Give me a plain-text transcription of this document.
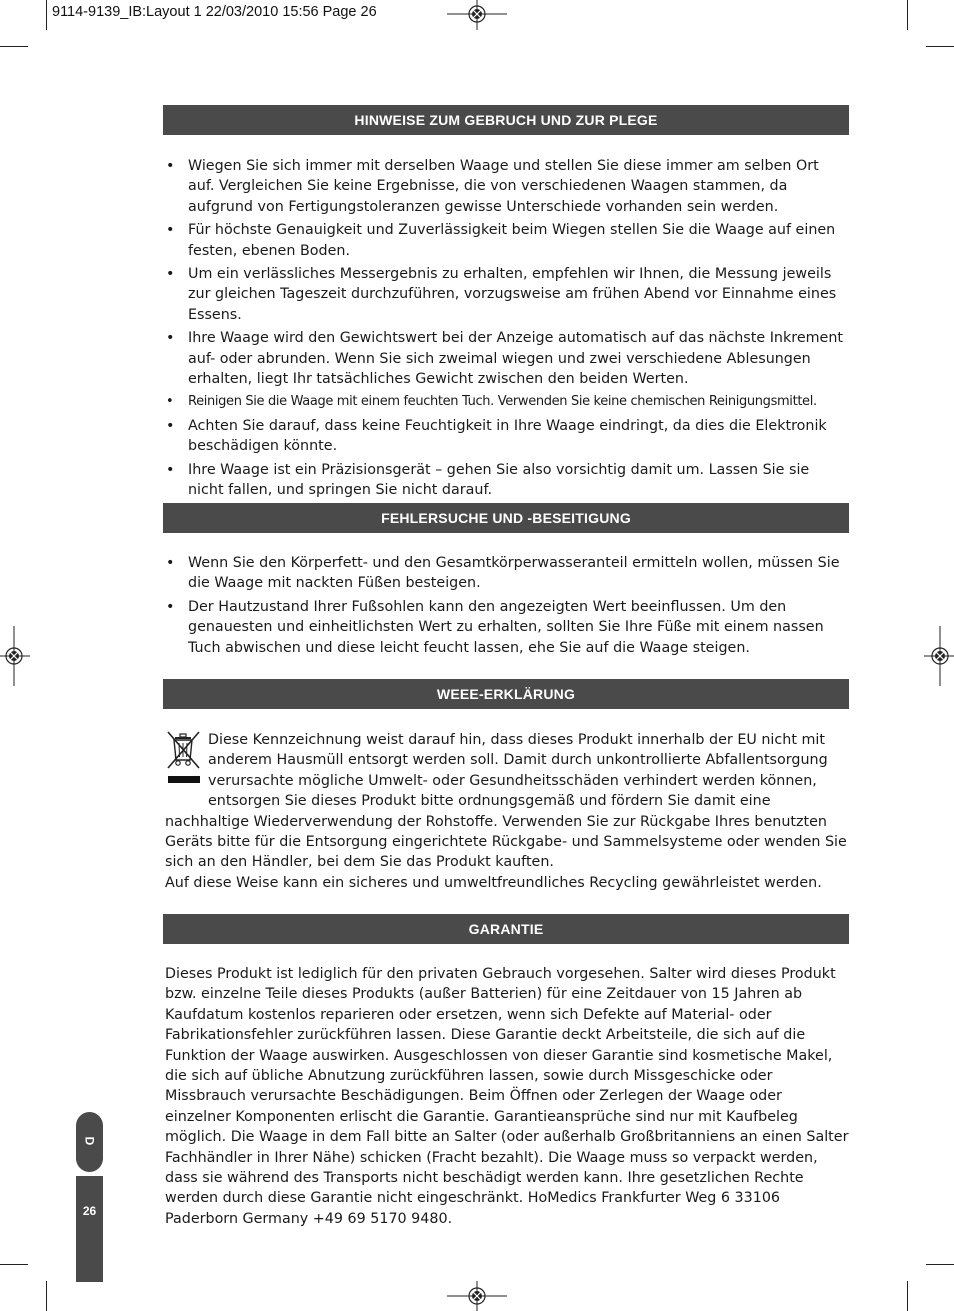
9114-9139_IB:Layout 1 22/03/2010 15:56 Page 26
HINWEISE ZUM GEBRUCH UND ZUR PLEGE
• Wiegen Sie sich immer mit derselben Waage und stellen Sie diese immer am selben Ort auf. Vergleichen Sie keine Ergebnisse, die von verschiedenen Waagen stammen, da aufgrund von Fertigungstoleranzen gewisse Unterschiede vorhanden sein werden.
• Für höchste Genauigkeit und Zuverlässigkeit beim Wiegen stellen Sie die Waage auf einen festen, ebenen Boden.
• Um ein verlässliches Messergebnis zu erhalten, empfehlen wir Ihnen, die Messung jeweils zur gleichen Tageszeit durchzuführen, vorzugsweise am frühen Abend vor Einnahme eines Essens.
• Ihre Waage wird den Gewichtswert bei der Anzeige automatisch auf das nächste Inkrement auf- oder abrunden. Wenn Sie sich zweimal wiegen und zwei verschiedene Ablesungen erhalten, liegt Ihr tatsächliches Gewicht zwischen den beiden Werten.
• Reinigen Sie die Waage mit einem feuchten Tuch. Verwenden Sie keine chemischen Reinigungsmittel.
• Achten Sie darauf, dass keine Feuchtigkeit in Ihre Waage eindringt, da dies die Elektronik beschädigen könnte.
• Ihre Waage ist ein Präzisionsgerät – gehen Sie also vorsichtig damit um. Lassen Sie sie nicht fallen, und springen Sie nicht darauf.
FEHLERSUCHE UND -BESEITIGUNG
• Wenn Sie den Körperfett- und den Gesamtkörperwasseranteil ermitteln wollen, müssen Sie die Waage mit nackten Füßen besteigen.
• Der Hautzustand Ihrer Fußsohlen kann den angezeigten Wert beeinflussen. Um den genauesten und einheitlichsten Wert zu erhalten, sollten Sie Ihre Füße mit einem nassen Tuch abwischen und diese leicht feucht lassen, ehe Sie auf die Waage steigen.
WEEE-ERKLÄRUNG

Diese Kennzeichnung weist darauf hin, dass dieses Produkt innerhalb der EU nicht mit anderem Hausmüll entsorgt werden soll. Damit durch unkontrollierte Abfallentsorgung verursachte mögliche Umwelt- oder Gesundheitsschäden verhindert werden können, entsorgen Sie dieses Produkt bitte ordnungsgemäß und fördern Sie damit eine nachhaltige Wiederverwendung der Rohstoffe. Verwenden Sie zur Rückgabe Ihres benutzten Geräts bitte für die Entsorgung eingerichtete Rückgabe- und Sammelsysteme oder wenden Sie sich an den Händler, bei dem Sie das Produkt kauften.

Auf diese Weise kann ein sicheres und umweltfreundliches Recycling gewährleistet werden.

GARANTIE

Dieses Produkt ist lediglich für den privaten Gebrauch vorgesehen. Salter wird dieses Produkt bzw. einzelne Teile dieses Produkts (außer Batterien) für eine Zeitdauer von 15 Jahren ab Kaufdatum kostenlos reparieren oder ersetzen, wenn sich Defekte auf Material- oder Fabrikationsfehler zurückführen lassen. Diese Garantie deckt Arbeitsteile, die sich auf die Funktion der Waage auswirken. Ausgeschlossen von dieser Garantie sind kosmetische Makel, die sich auf übliche Abnutzung zurückführen lassen, sowie durch Missgeschicke oder Missbrauch verursachte Beschädigungen. Beim Öffnen oder Zerlegen der Waage oder einzelner Komponenten erlischt die Garantie. Garantieansprüche sind nur mit Kaufbeleg möglich. Die Waage in dem Fall bitte an Salter (oder außerhalb Großbritanniens an einen Salter Fachhändler in Ihrer Nähe) schicken (Fracht bezahlt). Die Waage muss so verpackt werden, dass sie während des Transports nicht beschädigt werden kann. Ihre gesetzlichen Rechte werden durch diese Garantie nicht eingeschränkt. HoMedics Frankfurter Weg 6 33106 Paderborn Germany +49 69 5170 9480.

D
26
